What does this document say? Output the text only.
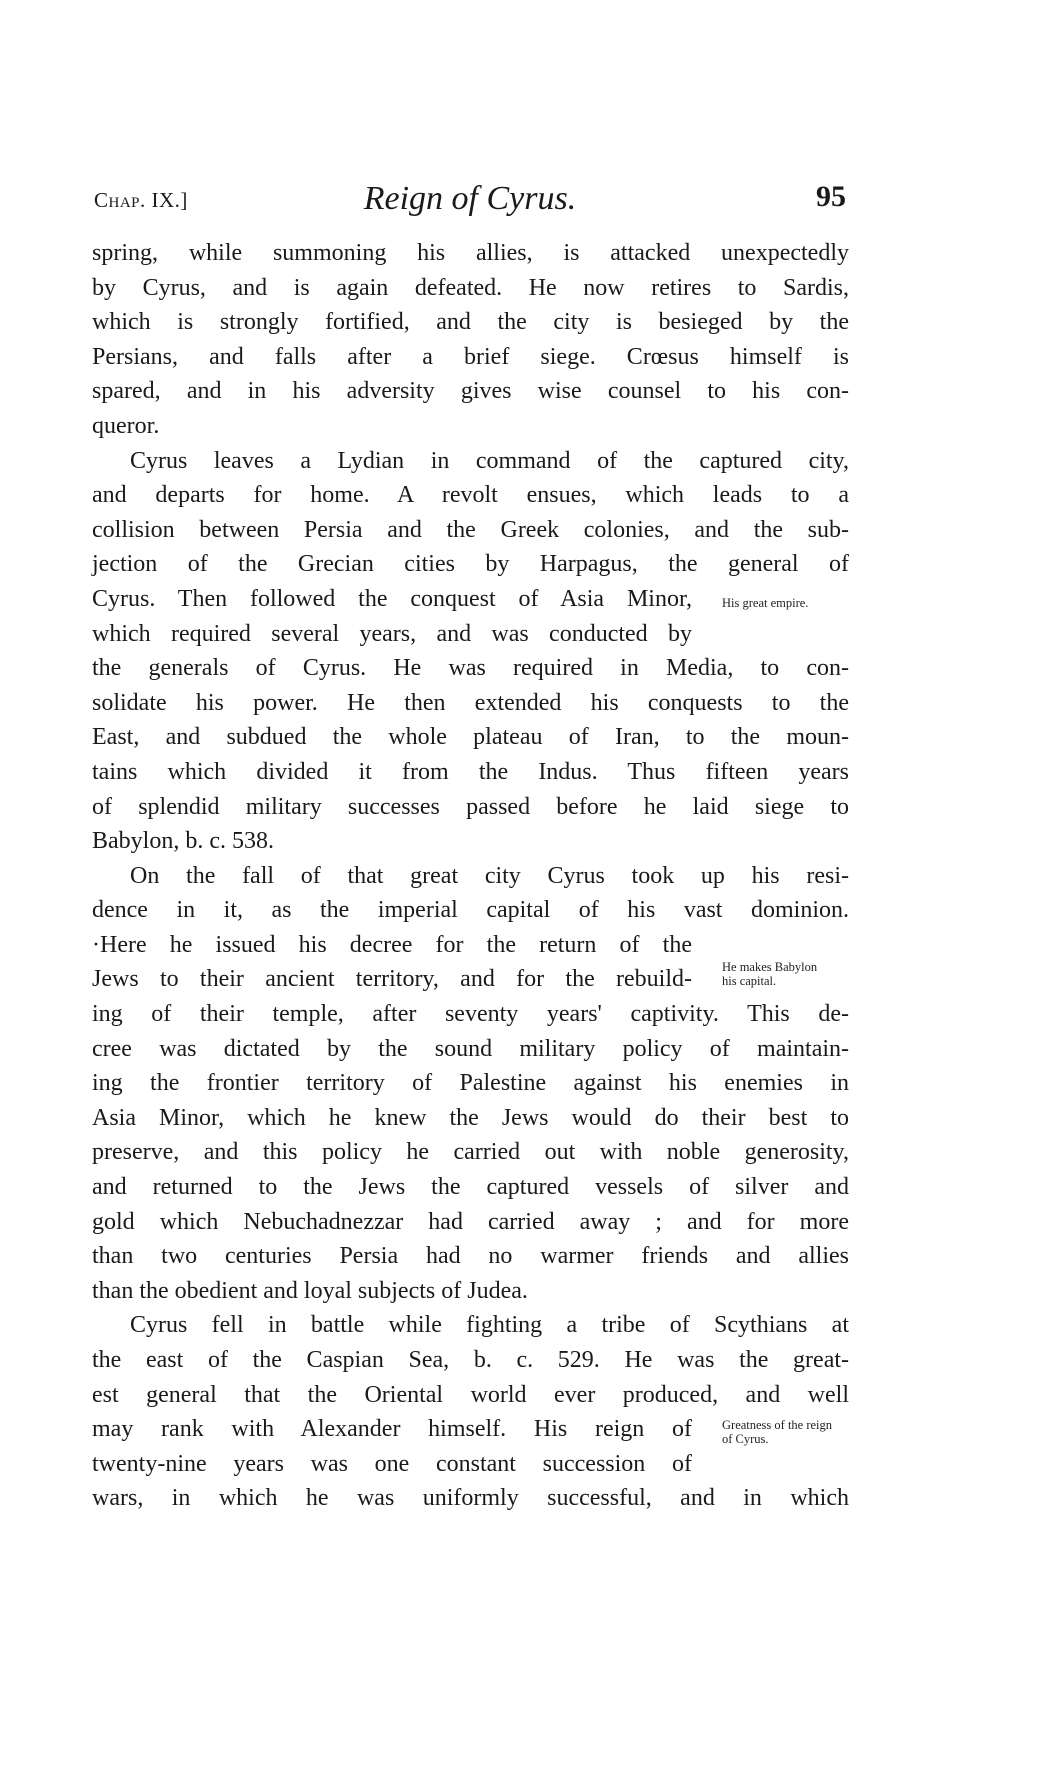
Chap. IX.]	Reign of Cyrus.	95
spring, while summoning his allies, is attacked unexpectedly
by Cyrus, and is again defeated. He now retires to Sardis,
which is strongly fortified, and the city is besieged by the
Persians, and falls after a brief siege. Crœsus himself is
spared, and in his adversity gives wise counsel to his con-
queror.
Cyrus leaves a Lydian in command of the captured city,
and departs for home. A revolt ensues, which leads to a
collision between Persia and the Greek colonies, and the sub-
jection of the Grecian cities by Harpagus, the general of
Cyrus. Then followed the conquest of Asia Minor,
which required several years, and was conducted by
the generals of Cyrus. He was required in Media, to con-
solidate his power. He then extended his conquests to the
East, and subdued the whole plateau of Iran, to the moun-
tains which divided it from the Indus. Thus fifteen years
of splendid military successes passed before he laid siege to
Babylon, b. c. 538.
On the fall of that great city Cyrus took up his resi-
dence in it, as the imperial capital of his vast dominion.
·Here he issued his decree for the return of the
Jews to their ancient territory, and for the rebuild-
ing of their temple, after seventy years' captivity. This de-
cree was dictated by the sound military policy of maintain-
ing the frontier territory of Palestine against his enemies in
Asia Minor, which he knew the Jews would do their best to
preserve, and this policy he carried out with noble generosity,
and returned to the Jews the captured vessels of silver and
gold which Nebuchadnezzar had carried away ; and for more
than two centuries Persia had no warmer friends and allies
than the obedient and loyal subjects of Judea.
Cyrus fell in battle while fighting a tribe of Scythians at
the east of the Caspian Sea, b. c. 529. He was the great-
est general that the Oriental world ever produced, and well
may rank with Alexander himself. His reign of
twenty-nine years was one constant succession of
wars, in which he was uniformly successful, and in which
His great empire.
He makes Babylon his capital.
Greatness of the reign of Cyrus.
